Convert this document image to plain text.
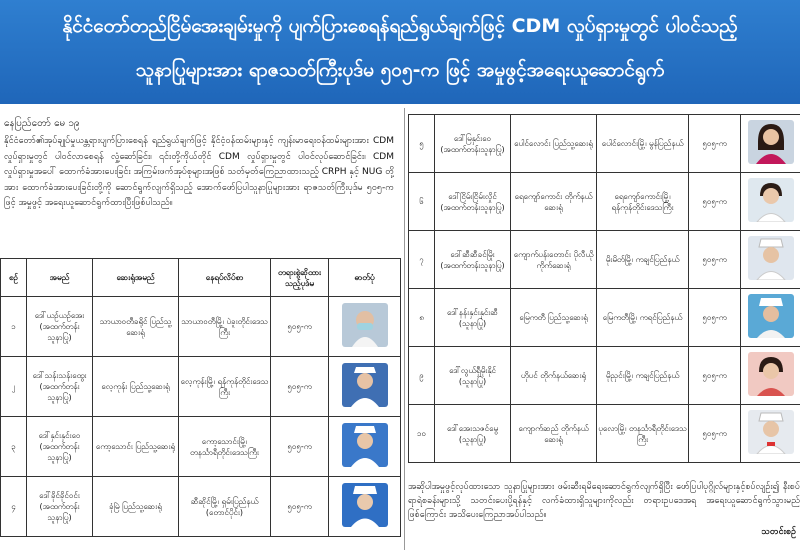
နိုင်ငံတော်တည်ငြိမ်အေးချမ်းမှုကို ပျက်ပြားစေရန်ရည်ရွယ်ချက်ဖြင့် CDM လှုပ်ရှားမှုတွင် ပါဝင်သည့်
သူနာပြုများအား ရာဇသတ်ကြီးပုဒ်မ ၅၀၅-က ဖြင့် အမှုဖွင့်အရေးယူဆောင်ရွက်
နေပြည်တော် မေ ၁၉
နိုင်ငံတော်၏အုပ်ချုပ်မှုယန္တရားပျက်ပြားစေရန် ရည်ရွယ်ချက်ဖြင့် နိုင်ငံ့ဝန်ထမ်းများနှင့် ကျန်းမာရေးဝန်ထမ်းများအား CDM လှုပ်ရှားမှုတွင် ပါဝင်လာစေရန် လှုံ့ဆော်ခြင်း၊ ၎င်းတို့ကိုယ်တိုင် CDM လှုပ်ရှားမှုတွင် ပါဝင်လုပ်ဆောင်ခြင်း၊ CDM လှုပ်ရှားမှုအပေါ် ထောက်ခံအားပေးခြင်း အကြမ်းဖက်အုပ်စုများအဖြစ် သတ်မှတ်ကြေညာထားသည့် CRPH နှင့် NUG တို့အား ထောက်ခံအားပေးခြင်းတို့ကို ဆောင်ရွက်လျက်ရှိသည့် အောက်ဖော်ပြပါသူနာပြုများအား ရာဇသတ်ကြီးပုဒ်မ ၅၀၅-က ဖြင့် အမှုဖွင့် အရေးယူဆောင်ရွက်ထားပြီးဖြစ်ပါသည်။
စဉ်	အမည်	ဆေးရုံအမည်	နေရပ်လိပ်စာ	တရားစွဲဆိုထားသည့်ပုဒ်မ	ဓာတ်ပုံ
၁	ဒေါ်ယဉ်ယဉ်အေး (အထက်တန်းသူနာပြု)	သာယာဝတီခရိုင် ပြည်သူ့ဆေးရုံ	သာယာဝတီမြို့၊ ပဲခူးတိုင်းဒေသကြီး	၅၀၅-က	
၂	ဒေါ်သန်းသန်းထွေး (အထက်တန်းသူနာပြု)	လေ့ကုန်း ပြည်သူ့ဆေးရုံ	လေ့ကုန်းမြို့၊ ရန်ကုန်တိုင်းဒေသကြီး	၅၀၅-က	
၃	ဒေါ်နှင်းနှင်းဝေ (အထက်တန်းသူနာပြု)	ကော့သောင်း ပြည်သူ့ဆေးရုံ	ကော့သောင်းမြို့၊ တနင်္သာရီတိုင်းဒေသကြီး	၅၀၅-က	
၄	ဒေါ်ခိုင်ခိုင်ဝင်း (အထက်တန်းသူနာပြု)	ခုံမြဲ ပြည်သူ့ဆေးရုံ	ဆီဆိုင်မြို့၊ ရှမ်းပြည်နယ် (တောင်ပိုင်း)	၅၀၅-က	
၅	ဒေါ်မြနှင်းဝေ (အထက်တန်းသူနာပြု)	ပေါင်လောင်း ပြည်သူ့ဆေးရုံ	ပေါင်လောင်းမြို့၊ မွန်ပြည်နယ်	၅၀၅-က	
၆	ဒေါ်ငြိမ်းငြိမ်းလှိုင် (အထက်တန်းသူနာပြု)	ရေကျော်ကောင်း တိုက်နယ်ဆေးရုံ	ရေကျော်ကောင်းမြို့၊ ရန်ကုန်တိုင်းဒေသကြီး	၅၀၅-က	
၇	ဒေါ်ဆီဆီခင်မြိုး (အထက်တန်းသူနာပြု)	ကျောက်ပန်းတောင်း ပိုလီယိုကိုက်ဆေးရုံ	မိုးမိတ်မြို့၊ ကချင်ပြည်နယ်	၅၀၅-က	
၈	ဒေါ်နန်းနှင်းနှင်းဆီ (သူနာပြု)	မြေကတီ ပြည်သူ့ဆေးရုံ	မြေကတီမြို့၊ ကရင်ပြည်နယ်	၅၀၅-က	
၉	ဒေါ်လွယ်ရှီမိုးနိုင် (သူနာပြု)	ဟိုပင် တိုက်နယ်ဆေးရုံ	မိုညှင်းမြို့၊ ကချင်ပြည်နယ်	၅၀၅-က	
၁၀	ဒေါ်အေးသဇင်မွေ (သူနာပြု)	ကျောက်ဆည် တိုက်နယ်ဆေးရုံ	ပုလောမြို့၊ တနင်္သာရီတိုင်းဒေသကြီး	၅၀၅-က	
အဆိုပါအမှုဖွင့်လုပ်ထားသော သူနာပြုများအား ဖမ်းဆီးရမိရေးဆောင်ရွက်လျက်ရှိပြီး ဖော်ပြပါပုဂ္ဂိုလ်များနှင့်စပ်လျဉ်း၍ နီးစပ်ရာရဲစခန်းများသို့ သတင်းပေးပို့ရန်နှင့် လက်ခံထားရှိသူများကိုလည်း တရားဥပဒေအရ အရေးယူဆောင်ရွက်သွားမည်ဖြစ်ကြောင်း အသိပေးကြေညာအပ်ပါသည်။
သတင်းစဉ်
